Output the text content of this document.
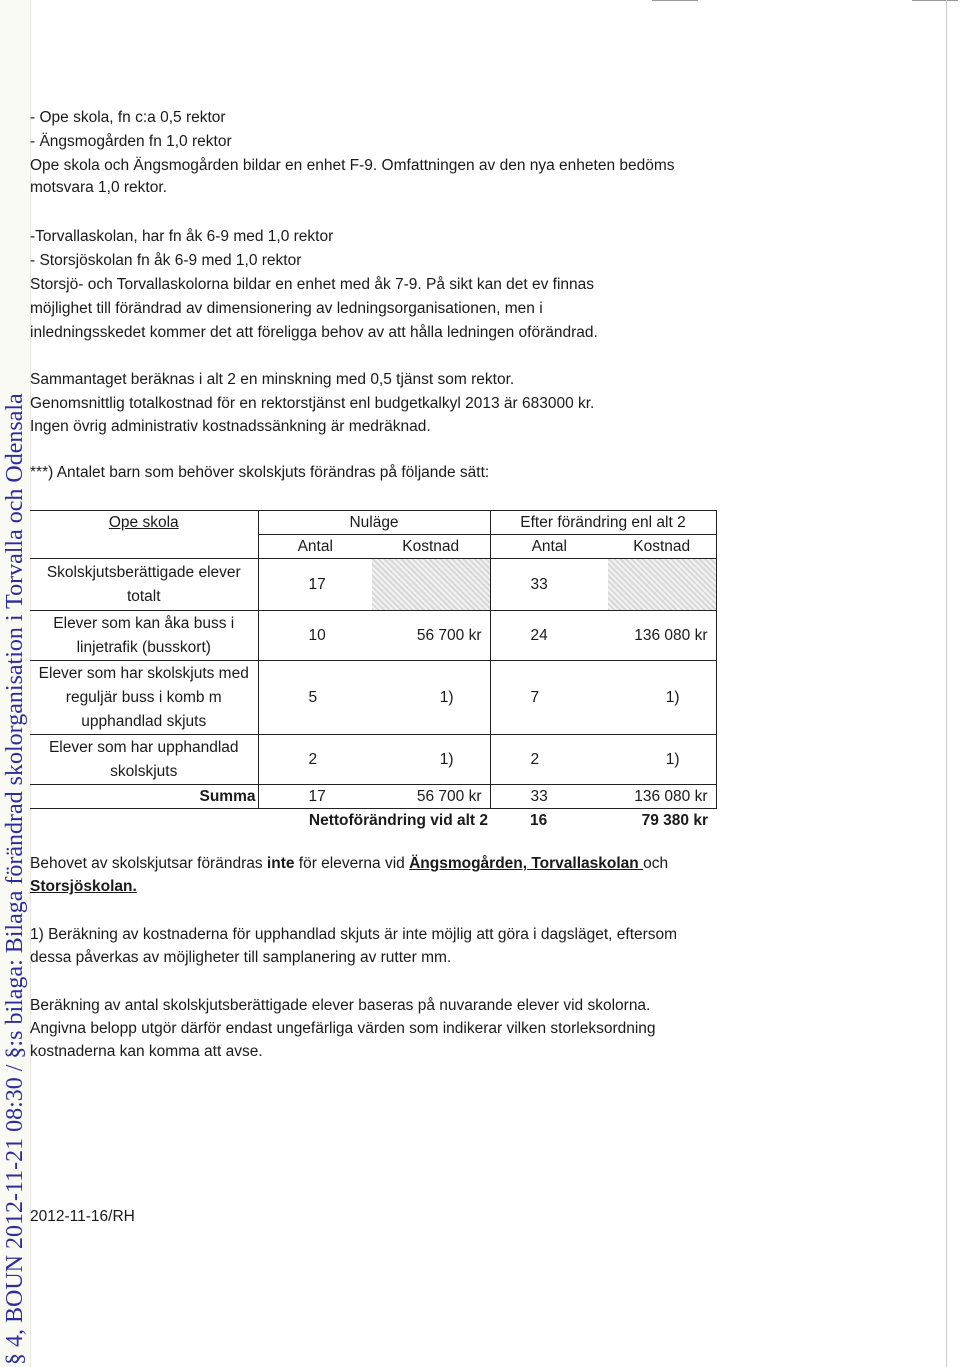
§ 4, BOUN 2012-11-21 08:30 / §:s bilaga: Bilaga förändrad skolorganisation i Torvalla och Odensala
- Ope skola, fn c:a 0,5 rektor
- Ängsmogården fn 1,0 rektor
Ope skola och Ängsmogården bildar en enhet F-9. Omfattningen av den nya enheten bedöms
motsvara 1,0 rektor.
-Torvallaskolan, har fn åk 6-9 med 1,0 rektor
- Storsjöskolan fn åk 6-9 med 1,0 rektor
Storsjö- och Torvallaskolorna bildar en enhet med åk 7-9. På sikt kan det ev finnas
möjlighet till förändrad av dimensionering av ledningsorganisationen, men i
inledningsskedet kommer det att föreligga behov av att hålla ledningen oförändrad.
Sammantaget beräknas i alt 2 en minskning med 0,5 tjänst som rektor.
Genomsnittlig totalkostnad för en rektorstjänst enl budgetkalkyl 2013 är 683000 kr.
Ingen övrig administrativ kostnadssänkning är medräknad.
***) Antalet barn som behöver skolskjuts förändras på följande sätt:
Ope skola	Nuläge		Efter förändring enl alt 2	
	Antal	Kostnad	Antal	Kostnad
Skolskjutsberättigade elever totalt	17		33	
Elever som kan åka buss i linjetrafik (busskort)	10	56 700 kr	24	136 080 kr
Elever som har skolskjuts med reguljär buss i komb m upphandlad skjuts	5	1)	7	1)
Elever som har upphandlad skolskjuts	2	1)	2	1)
Summa	17	56 700 kr	33	136 080 kr
	Nettoförändring vid alt 2		16	79 380 kr
Behovet av skolskjutsar förändras inte för eleverna vid Ängsmogården, Torvallaskolan och
Storsjöskolan.
1) Beräkning av kostnaderna för upphandlad skjuts är inte möjlig att göra i dagsläget, eftersom
dessa påverkas av möjligheter till samplanering av rutter mm.
Beräkning av antal skolskjutsberättigade elever baseras på nuvarande elever vid skolorna.
Angivna belopp utgör därför endast ungefärliga värden som indikerar vilken storleksordning
kostnaderna kan komma att avse.
2012-11-16/RH
